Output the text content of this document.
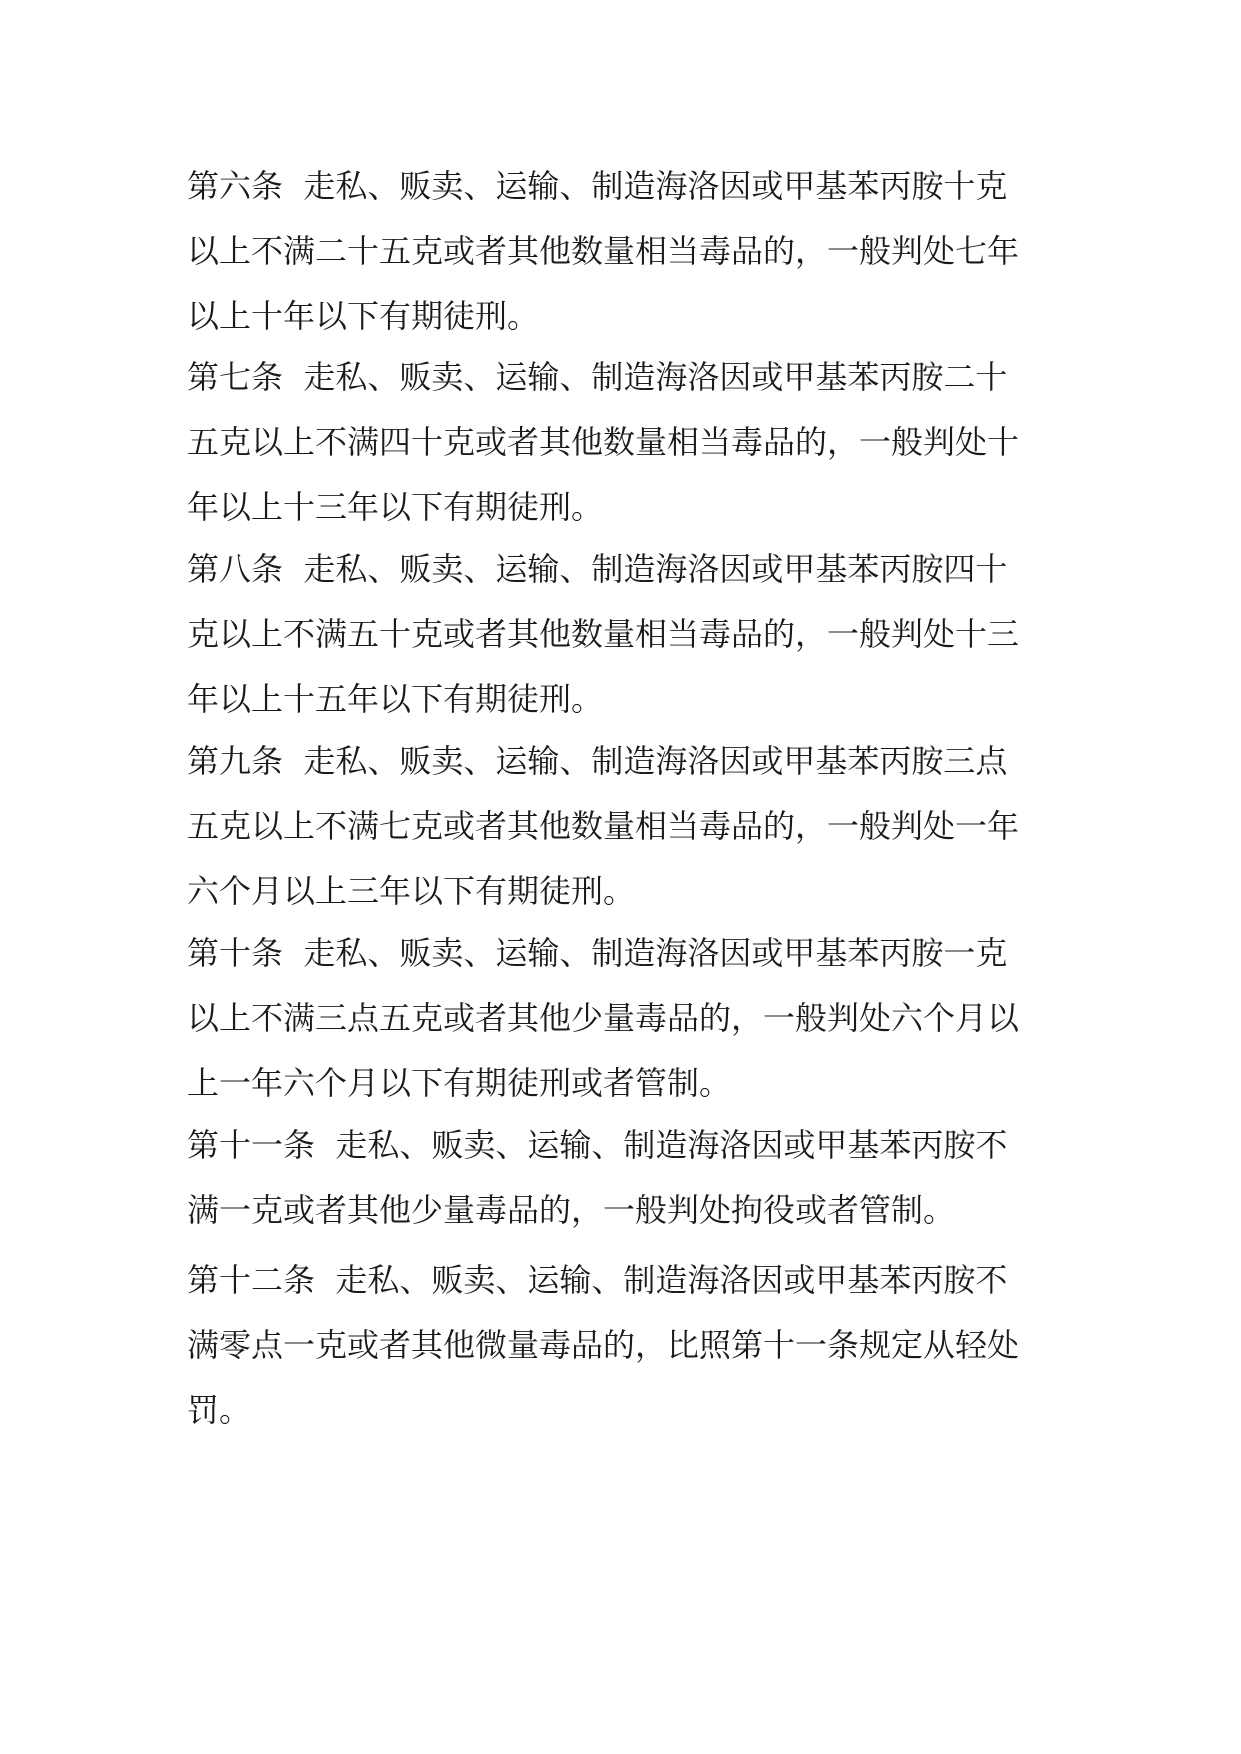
第六条 走私、贩卖、运输、制造海洛因或甲基苯丙胺十克
以上不满二十五克或者其他数量相当毒品的，一般判处七年
以上十年以下有期徒刑。

第七条 走私、贩卖、运输、制造海洛因或甲基苯丙胺二十
五克以上不满四十克或者其他数量相当毒品的，一般判处十
年以上十三年以下有期徒刑。

第八条 走私、贩卖、运输、制造海洛因或甲基苯丙胺四十
克以上不满五十克或者其他数量相当毒品的，一般判处十三
年以上十五年以下有期徒刑。

第九条 走私、贩卖、运输、制造海洛因或甲基苯丙胺三点
五克以上不满七克或者其他数量相当毒品的，一般判处一年
六个月以上三年以下有期徒刑。

第十条 走私、贩卖、运输、制造海洛因或甲基苯丙胺一克
以上不满三点五克或者其他少量毒品的，一般判处六个月以
上一年六个月以下有期徒刑或者管制。

第十一条 走私、贩卖、运输、制造海洛因或甲基苯丙胺不
满一克或者其他少量毒品的，一般判处拘役或者管制。

第十二条 走私、贩卖、运输、制造海洛因或甲基苯丙胺不
满零点一克或者其他微量毒品的，比照第十一条规定从轻处
罚。
